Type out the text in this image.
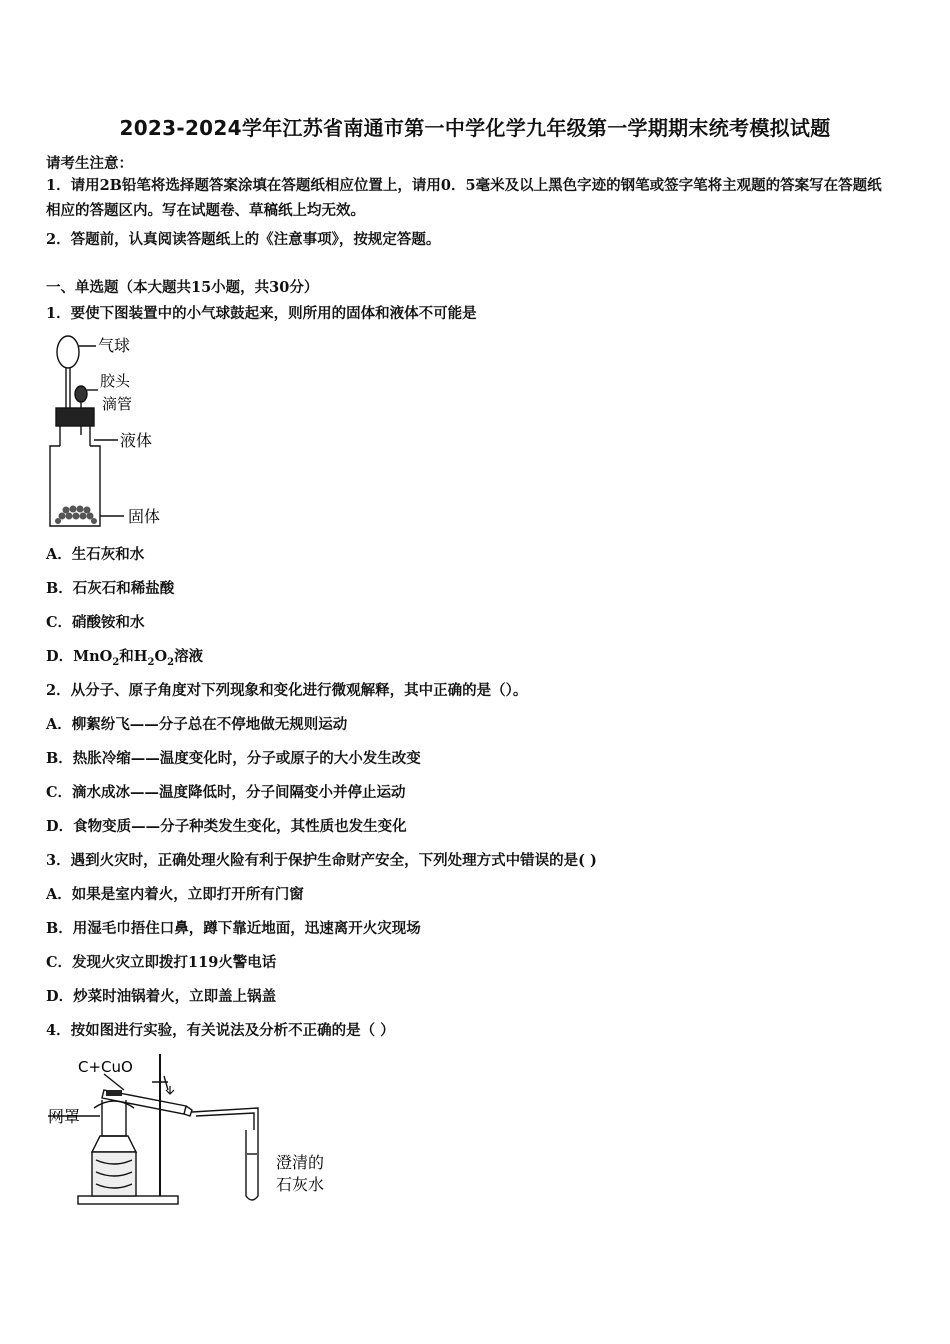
2023-2024学年江苏省南通市第一中学化学九年级第一学期期末统考模拟试题
请考生注意：
1．请用2B铅笔将选择题答案涂填在答题纸相应位置上，请用0．5毫米及以上黑色字迹的钢笔或签字笔将主观题的答案写在答题纸相应的答题区内。写在试题卷、草稿纸上均无效。
2．答题前，认真阅读答题纸上的《注意事项》，按规定答题。
一、单选题（本大题共15小题，共30分）
1．要使下图装置中的小气球鼓起来，则所用的固体和液体不可能是
气球
胶头
滴管
液体
固体
A．生石灰和水
B．石灰石和稀盐酸
C．硝酸铵和水
D．MnO$_2$和$H_2O_2$溶液
2．从分子、原子角度对下列现象和变化进行微观解释，其中正确的是（）。
A．柳絮纷飞——分子总在不停地做无规则运动
B．热胀冷缩——温度变化时，分子或原子的大小发生改变
C．滴水成冰——温度降低时，分子间隔变小并停止运动
D．食物变质——分子种类发生变化，其性质也发生变化
3．遇到火灾时，正确处理火险有利于保护生命财产安全，下列处理方式中错误的是( )
A．如果是室内着火，立即打开所有门窗
B．用湿毛巾捂住口鼻，蹲下靠近地面，迅速离开火灾现场
C．发现火灾立即拨打119火警电话
D．炒菜时油锅着火，立即盖上锅盖
4．按如图进行实验，有关说法及分析不正确的是（ ）
C+CuO
网罩
澄清的
石灰水
